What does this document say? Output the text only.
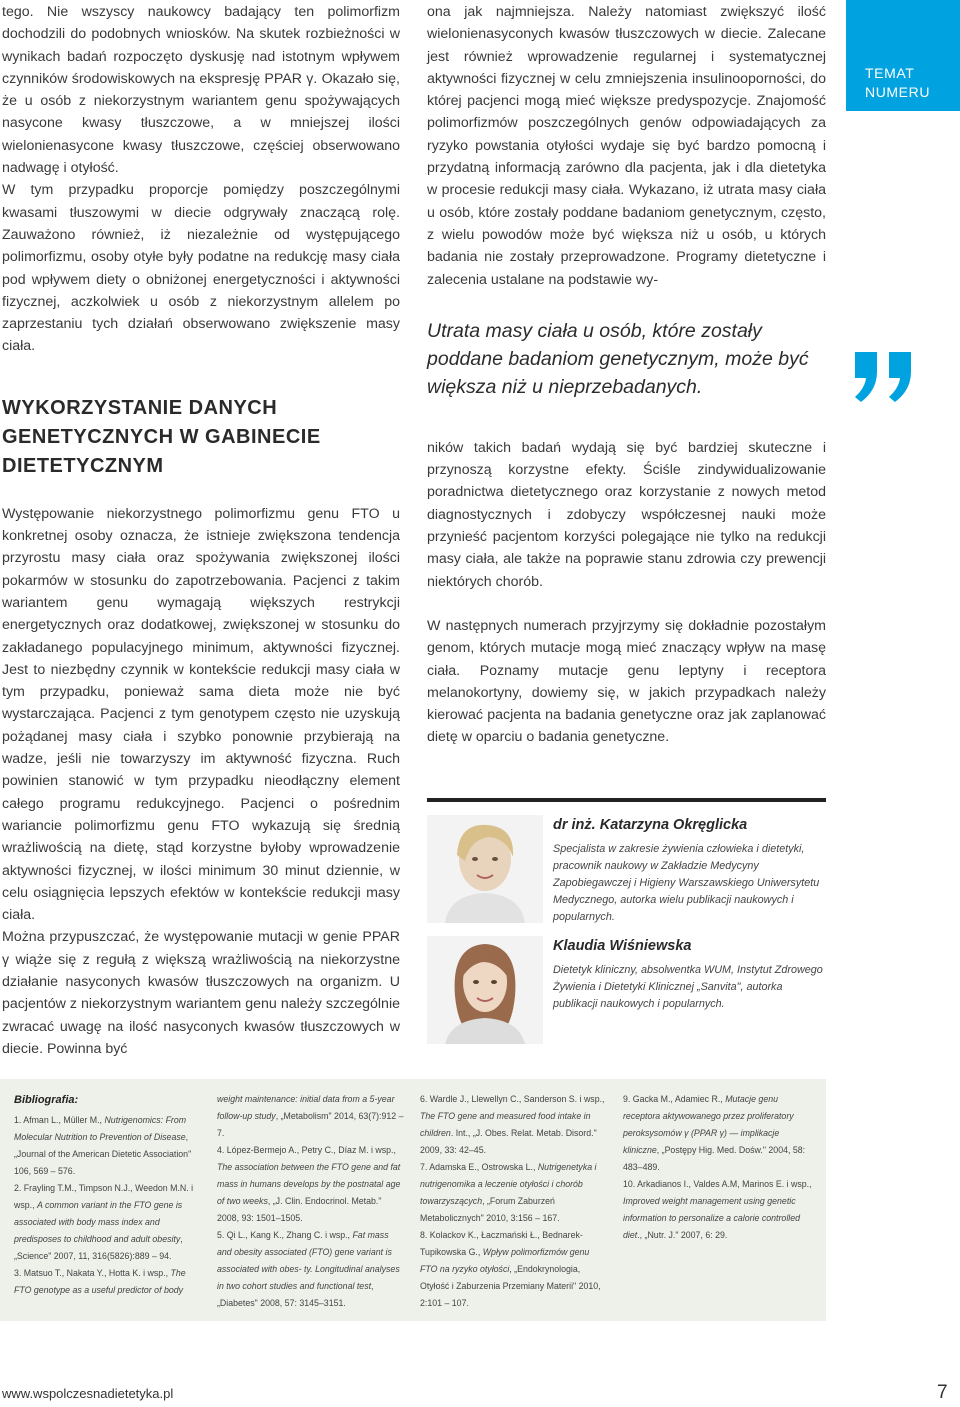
tego. Nie wszyscy naukowcy badający ten polimorfizm dochodzili do podobnych wniosków. Na skutek rozbieżności w wynikach badań rozpoczęto dyskusję nad istotnym wpływem czynników środowiskowych na ekspresję PPAR γ. Okazało się, że u osób z niekorzystnym wariantem genu spożywających nasycone kwasy tłuszczowe, a w mniejszej ilości wielonienasycone kwasy tłuszczowe, częściej obserwowano nadwagę i otyłość.

W tym przypadku proporcje pomiędzy poszczególnymi kwasami tłuszowymi w diecie odgrywały znaczącą rolę. Zauważono również, iż niezależnie od występującego polimorfizmu, osoby otyłe były podatne na redukcję masy ciała pod wpływem diety o obniżonej energetyczności i aktywności fizycznej, aczkolwiek u osób z niekorzystnym allelem po zaprzestaniu tych działań obserwowano zwiększenie masy ciała.

WYKORZYSTANIE DANYCH GENETYCZNYCH W GABINECIE DIETETYCZNYM

Występowanie niekorzystnego polimorfizmu genu FTO u konkretnej osoby oznacza, że istnieje zwiększona tendencja przyrostu masy ciała oraz spożywania zwiększonej ilości pokarmów w stosunku do zapotrzebowania. Pacjenci z takim wariantem genu wymagają większych restrykcji energetycznych oraz dodatkowej, zwiększonej w stosunku do zakładanego populacyjnego minimum, aktywności fizycznej. Jest to niezbędny czynnik w kontekście redukcji masy ciała w tym przypadku, ponieważ sama dieta może nie być wystarczająca. Pacjenci z tym genotypem często nie uzyskują pożądanej masy ciała i szybko ponownie przybierają na wadze, jeśli nie towarzyszy im aktywność fizyczna. Ruch powinien stanowić w tym przypadku nieodłączny element całego programu redukcyjnego. Pacjenci o pośrednim wariancie polimorfizmu genu FTO wykazują się średnią wrażliwością na dietę, stąd korzystne byłoby wprowadzenie aktywności fizycznej, w ilości minimum 30 minut dziennie, w celu osiągnięcia lepszych efektów w kontekście redukcji masy ciała.

Można przypuszczać, że występowanie mutacji w genie PPAR γ wiąże się z regułą z większą wrażliwością na niekorzystne działanie nasyconych kwasów tłuszczowych na organizm. U pacjentów z niekorzystnym wariantem genu należy szczególnie zwracać uwagę na ilość nasyconych kwasów tłuszczowych w diecie. Powinna być

ona jak najmniejsza. Należy natomiast zwiększyć ilość wielonienasyconych kwasów tłuszczowych w diecie. Zalecane jest również wprowadzenie regularnej i systematycznej aktywności fizycznej w celu zmniejszenia insulinooporności, do której pacjenci mogą mieć większe predyspozycje. Znajomość polimorfizmów poszczególnych genów odpowiadających za ryzyko powstania otyłości wydaje się być bardzo pomocną i przydatną informacją zarówno dla pacjenta, jak i dla dietetyka w procesie redukcji masy ciała. Wykazano, iż utrata masy ciała u osób, które zostały poddane badaniom genetycznym, często, z wielu powodów może być większa niż u osób, u których badania nie zostały przeprowadzone. Programy dietetyczne i zalecenia ustalane na podstawie wy-

Utrata masy ciała u osób, które zostały poddane badaniom genetycznym, może być większa niż u nieprzebadanych.

ników takich badań wydają się być bardziej skuteczne i przynoszą korzystne efekty. Ściśle zindywidualizowanie poradnictwa dietetycznego oraz korzystanie z nowych metod diagnostycznych i zdobyczy współczesnej nauki może przynieść pacjentom korzyści polegające nie tylko na redukcji masy ciała, ale także na poprawie stanu zdrowia czy prewencji niektórych chorób.

W następnych numerach przyjrzymy się dokładnie pozostałym genom, których mutacje mogą mieć znaczący wpływ na masę ciała. Poznamy mutacje genu leptyny i receptora melanokortyny, dowiemy się, w jakich przypadkach należy kierować pacjenta na badania genetyczne oraz jak zaplanować dietę w oparciu o badania genetyczne.

TEMAT
NUMERU
dr inż. Katarzyna Okręglicka
Specjalista w zakresie żywienia człowieka i dietetyki, pracownik naukowy w Zakładzie Medycyny Zapobiegawczej i Higieny Warszawskiego Uniwersytetu Medycznego, autorka wielu publikacji naukowych i popularnych.
Klaudia Wiśniewska
Dietetyk kliniczny, absolwentka WUM, Instytut Zdrowego Żywienia i Dietetyki Klinicznej „Sanvita", autorka publikacji naukowych i popularnych.
Bibliografia:
1. Afman L., Müller M., Nutrigenomics: From Molecular Nutrition to Prevention of Disease, „Journal of the American Dietetic Association" 106, 569 – 576.
2. Frayling T.M., Timpson N.J., Weedon M.N. i wsp., A common variant in the FTO gene is associated with body mass index and predisposes to childhood and adult obesity, „Science" 2007, 11, 316(5826):889 – 94.
3. Matsuo T., Nakata Y., Hotta K. i wsp., The FTO genotype as a useful predictor of body
weight maintenance: initial data from a 5-year follow-up study, „Metabolism" 2014, 63(7):912 – 7.
4. López-Bermejo A., Petry C., Díaz M. i wsp., The association between the FTO gene and fat mass in humans develops by the postnatal age of two weeks, „J. Clin. Endocrinol. Metab." 2008, 93: 1501–1505.
5. Qi L., Kang K., Zhang C. i wsp., Fat mass and obesity associated (FTO) gene variant is associated with obes- ty. Longitudinal analyses in two cohort studies and functional test, „Diabetes" 2008, 57: 3145–3151.
6. Wardle J., Llewellyn C., Sanderson S. i wsp., The FTO gene and measured food intake in children. Int., „J. Obes. Relat. Metab. Disord." 2009, 33: 42–45.
7. Adamska E., Ostrowska L., Nutrigenetyka i nutrigenomika a leczenie otyłości i chorób towarzyszących, „Forum Zaburzeń Metabolicznych" 2010, 3:156 – 167.
8. Kolackov K., Łaczmański Ł., Bednarek-Tupikowska G., Wpływ polimorfizmów genu FTO na ryzyko otyłości, „Endokrynologia, Otyłość i Zaburzenia Przemiany Materii" 2010, 2:101 – 107.
9. Gacka M., Adamiec R., Mutacje genu receptora aktywowanego przez proliferatory peroksysomów γ (PPAR γ) — implikacje kliniczne, „Postępy Hig. Med. Dośw." 2004, 58: 483–489.
10. Arkadianos I., Valdes A.M, Marinos E. i wsp., Improved weight management using genetic information to personalize a calorie controlled diet., „Nutr. J." 2007, 6: 29.
www.wspolczesnadietetyka.pl	7
